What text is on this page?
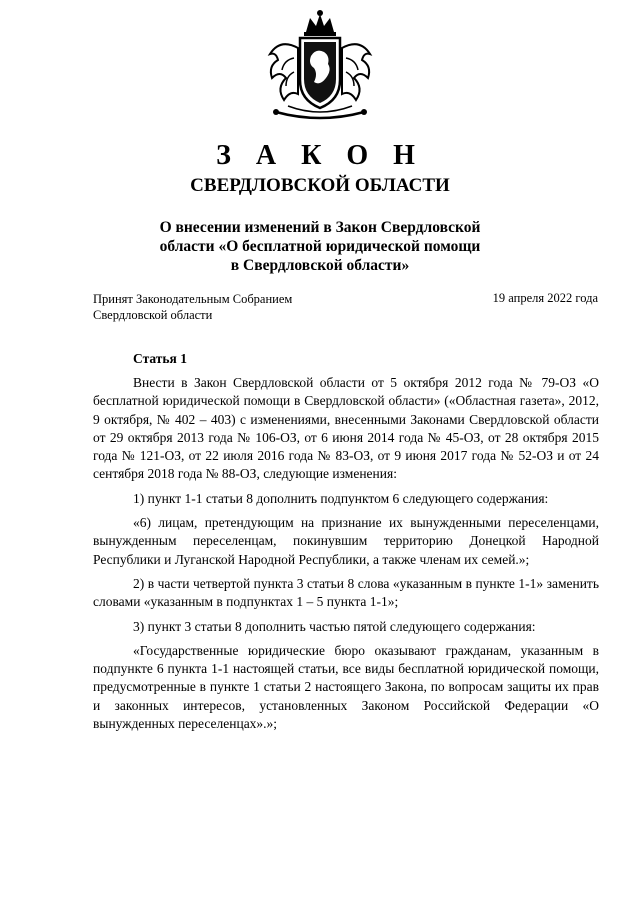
З А К О Н
СВЕРДЛОВСКОЙ ОБЛАСТИ
О внесении изменений в Закон Свердловской
области «О бесплатной юридической помощи
в Свердловской области»
Принят Законодательным Собранием
Свердловской области
19 апреля 2022 года
Статья 1

Внести в Закон Свердловской области от 5 октября 2012 года № 79-ОЗ «О бесплатной юридической помощи в Свердловской области» («Областная газета», 2012, 9 октября, № 402 – 403) с изменениями, внесенными Законами Свердловской области от 29 октября 2013 года № 106-ОЗ, от 6 июня 2014 года № 45-ОЗ, от 28 октября 2015 года № 121-ОЗ, от 22 июля 2016 года № 83-ОЗ, от 9 июня 2017 года № 52-ОЗ и от 24 сентября 2018 года № 88-ОЗ, следующие изменения:

1) пункт 1-1 статьи 8 дополнить подпунктом 6 следующего содержания:

«6) лицам, претендующим на признание их вынужденными переселенцами, вынужденным переселенцам, покинувшим территорию Донецкой Народной Республики и Луганской Народной Республики, а также членам их семей.»;

2) в части четвертой пункта 3 статьи 8 слова «указанным в пункте 1-1» заменить словами «указанным в подпунктах 1 – 5 пункта 1-1»;

3) пункт 3 статьи 8 дополнить частью пятой следующего содержания:

«Государственные юридические бюро оказывают гражданам, указанным в подпункте 6 пункта 1-1 настоящей статьи, все виды бесплатной юридической помощи, предусмотренные в пункте 1 статьи 2 настоящего Закона, по вопросам защиты их прав и законных интересов, установленных Законом Российской Федерации «О вынужденных переселенцах».»;
